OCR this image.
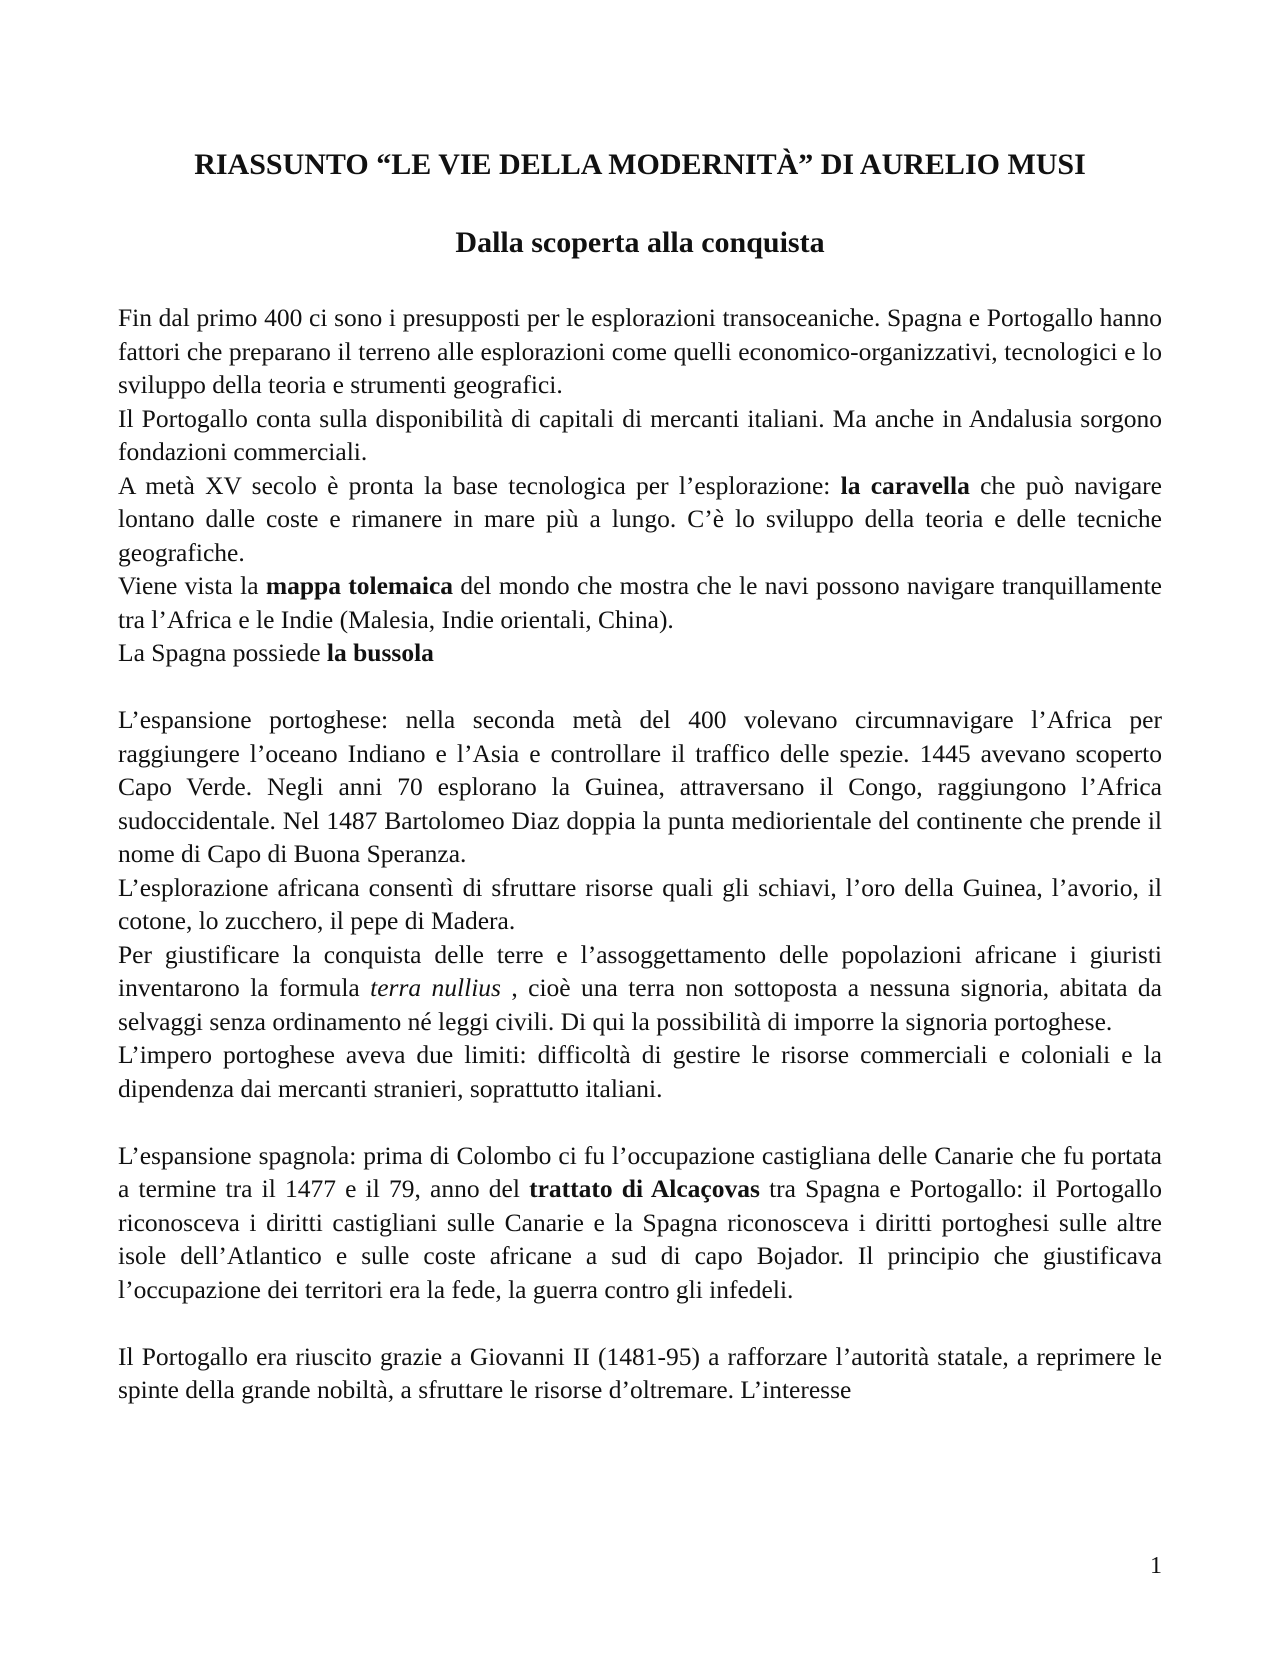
RIASSUNTO “LE VIE DELLA MODERNITÀ” DI AURELIO MUSI
Dalla scoperta alla conquista

Fin dal primo 400 ci sono i presupposti per le esplorazioni transoceaniche. Spagna e Portogallo hanno fattori che preparano il terreno alle esplorazioni come quelli economico-organizzativi, tecnologici e lo sviluppo della teoria e strumenti geografici.

Il Portogallo conta sulla disponibilità di capitali di mercanti italiani. Ma anche in Andalusia sorgono fondazioni commerciali.

A metà XV secolo è pronta la base tecnologica per l’esplorazione: la caravella che può navigare lontano dalle coste e rimanere in mare più a lungo. C’è lo sviluppo della teoria e delle tecniche geografiche.

Viene vista la mappa tolemaica del mondo che mostra che le navi possono navigare tranquillamente tra l’Africa e le Indie (Malesia, Indie orientali, China).

La Spagna possiede la bussola

L’espansione portoghese: nella seconda metà del 400 volevano circumnavigare l’Africa per raggiungere l’oceano Indiano e l’Asia e controllare il traffico delle spezie. 1445 avevano scoperto Capo Verde. Negli anni 70 esplorano la Guinea, attraversano il Congo, raggiungono l’Africa sudoccidentale. Nel 1487 Bartolomeo Diaz doppia la punta mediorientale del continente che prende il nome di Capo di Buona Speranza.

L’esplorazione africana consentì di sfruttare risorse quali gli schiavi, l’oro della Guinea, l’avorio, il cotone, lo zucchero, il pepe di Madera.

Per giustificare la conquista delle terre e l’assoggettamento delle popolazioni africane i giuristi inventarono la formula terra nullius , cioè una terra non sottoposta a nessuna signoria, abitata da selvaggi senza ordinamento né leggi civili. Di qui la possibilità di imporre la signoria portoghese.

L’impero portoghese aveva due limiti: difficoltà di gestire le risorse commerciali e coloniali e la dipendenza dai mercanti stranieri, soprattutto italiani.

L’espansione spagnola: prima di Colombo ci fu l’occupazione castigliana delle Canarie che fu portata a termine tra il 1477 e il 79, anno del trattato di Alcaçovas tra Spagna e Portogallo: il Portogallo riconosceva i diritti castigliani sulle Canarie e la Spagna riconosceva i diritti portoghesi sulle altre isole dell’Atlantico e sulle coste africane a sud di capo Bojador. Il principio che giustificava l’occupazione dei territori era la fede, la guerra contro gli infedeli.

Il Portogallo era riuscito grazie a Giovanni II (1481-95) a rafforzare l’autorità statale, a reprimere le spinte della grande nobiltà, a sfruttare le risorse d’oltremare. L’interesse

1
